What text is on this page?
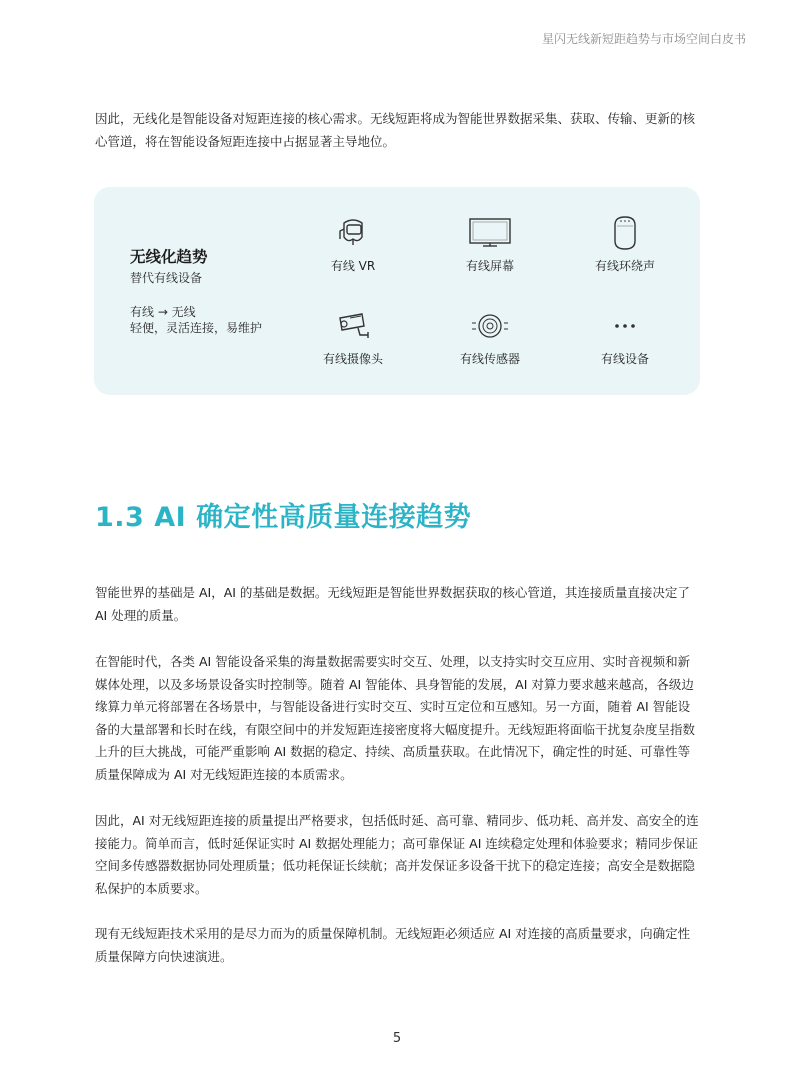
星闪无线新短距趋势与市场空间白皮书

因此，无线化是智能设备对短距连接的核心需求。无线短距将成为智能世界数据采集、获取、传输、更新的核心管道，将在智能设备短距连接中占据显著主导地位。

无线化趋势
替代有线设备
有线 → 无线
轻便，灵活连接，易维护
有线 VR	有线屏幕	有线环绕声
有线摄像头	有线传感器	有线设备
1.3 AI 确定性高质量连接趋势

智能世界的基础是 AI，AI 的基础是数据。无线短距是智能世界数据获取的核心管道，其连接质量直接决定了 AI 处理的质量。

在智能时代，各类 AI 智能设备采集的海量数据需要实时交互、处理，以支持实时交互应用、实时音视频和新媒体处理，以及多场景设备实时控制等。随着 AI 智能体、具身智能的发展，AI 对算力要求越来越高，各级边缘算力单元将部署在各场景中，与智能设备进行实时交互、实时互定位和互感知。另一方面，随着 AI 智能设备的大量部署和长时在线，有限空间中的并发短距连接密度将大幅度提升。无线短距将面临干扰复杂度呈指数上升的巨大挑战，可能严重影响 AI 数据的稳定、持续、高质量获取。在此情况下，确定性的时延、可靠性等质量保障成为 AI 对无线短距连接的本质需求。

因此，AI 对无线短距连接的质量提出严格要求，包括低时延、高可靠、精同步、低功耗、高并发、高安全的连接能力。简单而言，低时延保证实时 AI 数据处理能力；高可靠保证 AI 连续稳定处理和体验要求；精同步保证空间多传感器数据协同处理质量；低功耗保证长续航；高并发保证多设备干扰下的稳定连接；高安全是数据隐私保护的本质要求。

现有无线短距技术采用的是尽力而为的质量保障机制。无线短距必须适应 AI 对连接的高质量要求，向确定性质量保障方向快速演进。

5
